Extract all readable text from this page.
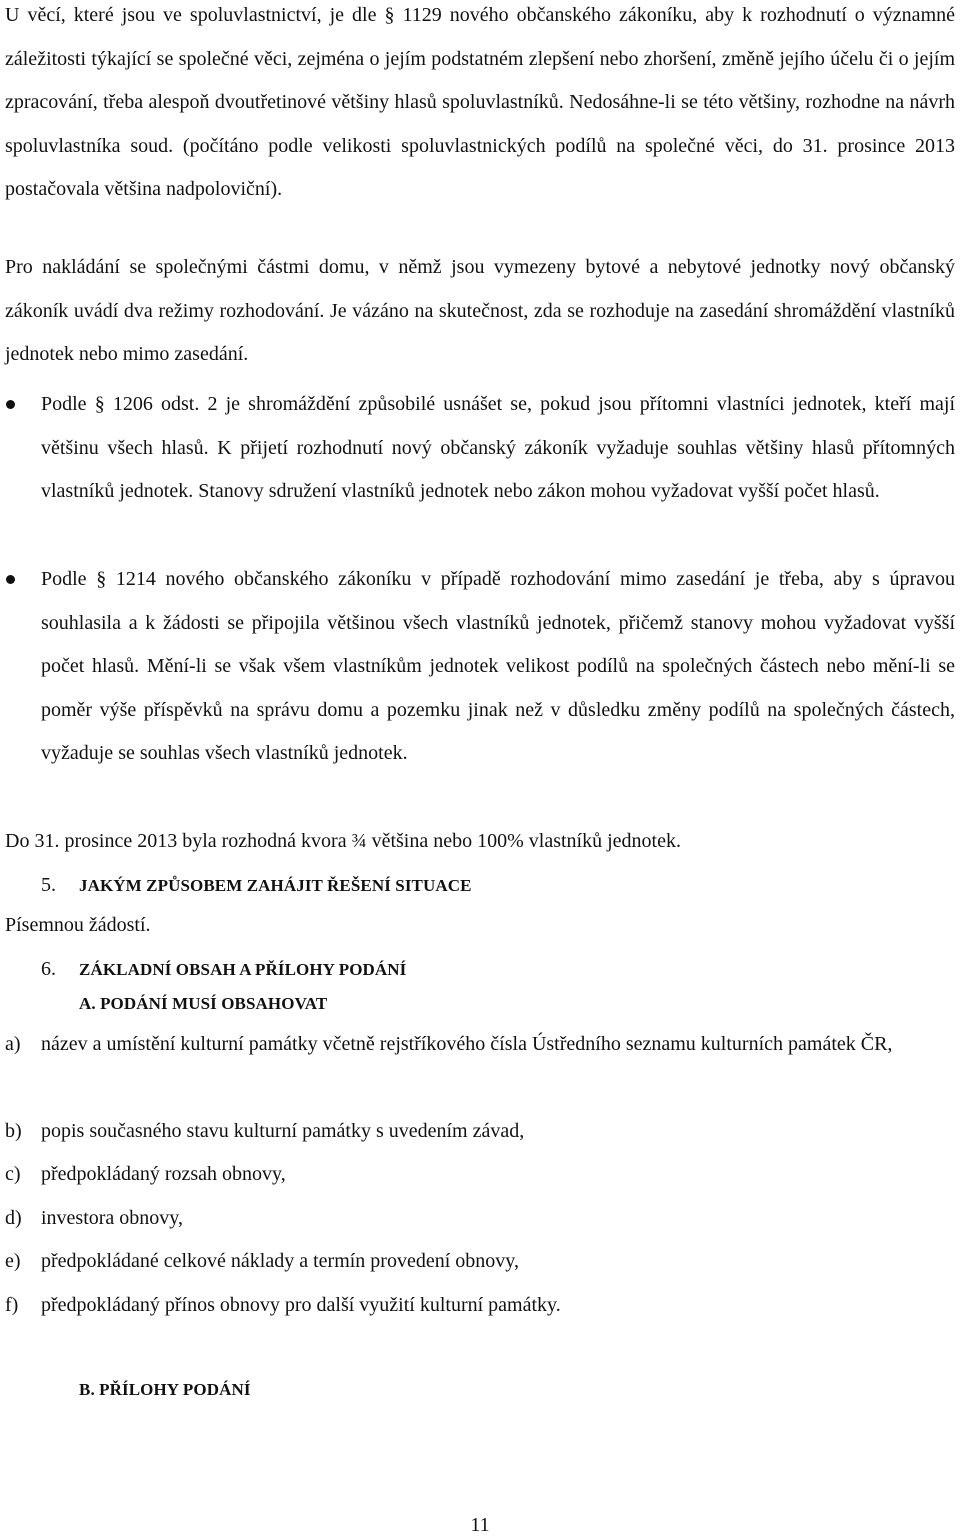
U věcí, které jsou ve spoluvlastnictví, je dle § 1129 nového občanského zákoníku, aby k rozhodnutí o významné záležitosti týkající se společné věci, zejména o jejím podstatném zlepšení nebo zhoršení, změně jejího účelu či o jejím zpracování, třeba alespoň dvoutřetinové většiny hlasů spoluvlastníků. Nedosáhne-li se této většiny, rozhodne na návrh spoluvlastníka soud. (počítáno podle velikosti spoluvlastnických podílů na společné věci, do 31. prosince 2013 postačovala většina nadpoloviční).

Pro nakládání se společnými částmi domu, v němž jsou vymezeny bytové a nebytové jednotky nový občanský zákoník uvádí dva režimy rozhodování. Je vázáno na skutečnost, zda se rozhoduje na zasedání shromáždění vlastníků jednotek nebo mimo zasedání.

Podle § 1206 odst. 2 je shromáždění způsobilé usnášet se, pokud jsou přítomni vlastníci jednotek, kteří mají většinu všech hlasů. K přijetí rozhodnutí nový občanský zákoník vyžaduje souhlas většiny hlasů přítomných vlastníků jednotek. Stanovy sdružení vlastníků jednotek nebo zákon mohou vyžadovat vyšší počet hlasů.

Podle § 1214 nového občanského zákoníku v případě rozhodování mimo zasedání je třeba, aby s úpravou souhlasila a k žádosti se připojila většinou všech vlastníků jednotek, přičemž stanovy mohou vyžadovat vyšší počet hlasů. Mění-li se však všem vlastníkům jednotek velikost podílů na společných částech nebo mění-li se poměr výše příspěvků na správu domu a pozemku jinak než v důsledku změny podílů na společných částech, vyžaduje se souhlas všech vlastníků jednotek.

Do 31. prosince 2013 byla rozhodná kvora ¾ většina nebo 100% vlastníků jednotek.

5. JAKÝM ZPŮSOBEM ZAHÁJIT ŘEŠENÍ SITUACE
Písemnou žádostí.
6. ZÁKLADNÍ OBSAH A PŘÍLOHY PODÁNÍ
A. PODÁNÍ MUSÍ OBSAHOVAT
a) název a umístění kulturní památky včetně rejstříkového čísla Ústředního seznamu kulturních památek ČR,
b) popis současného stavu kulturní památky s uvedením závad,
c) předpokládaný rozsah obnovy,
d) investora obnovy,
e) předpokládané celkové náklady a termín provedení obnovy,
f) předpokládaný přínos obnovy pro další využití kulturní památky.
B. PŘÍLOHY PODÁNÍ
11
